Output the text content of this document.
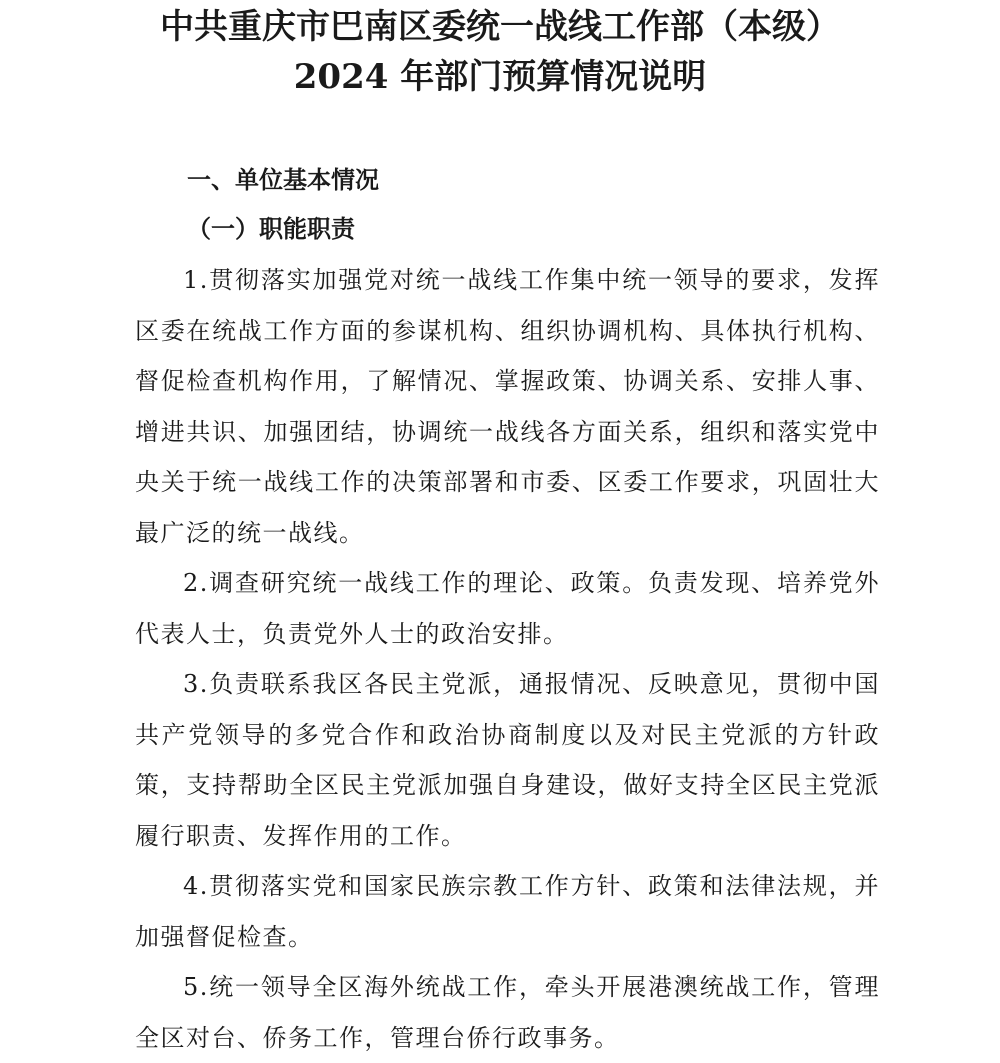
中共重庆市巴南区委统一战线工作部（本级）
2024 年部门预算情况说明
一、单位基本情况
（一）职能职责

1.贯彻落实加强党对统一战线工作集中统一领导的要求，发挥区委在统战工作方面的参谋机构、组织协调机构、具体执行机构、督促检查机构作用，了解情况、掌握政策、协调关系、安排人事、增进共识、加强团结，协调统一战线各方面关系，组织和落实党中央关于统一战线工作的决策部署和市委、区委工作要求，巩固壮大最广泛的统一战线。

2.调查研究统一战线工作的理论、政策。负责发现、培养党外代表人士，负责党外人士的政治安排。

3.负责联系我区各民主党派，通报情况、反映意见，贯彻中国共产党领导的多党合作和政治协商制度以及对民主党派的方针政策，支持帮助全区民主党派加强自身建设，做好支持全区民主党派履行职责、发挥作用的工作。

4.贯彻落实党和国家民族宗教工作方针、政策和法律法规，并加强督促检查。

5.统一领导全区海外统战工作，牵头开展港澳统战工作，管理全区对台、侨务工作，管理台侨行政事务。
